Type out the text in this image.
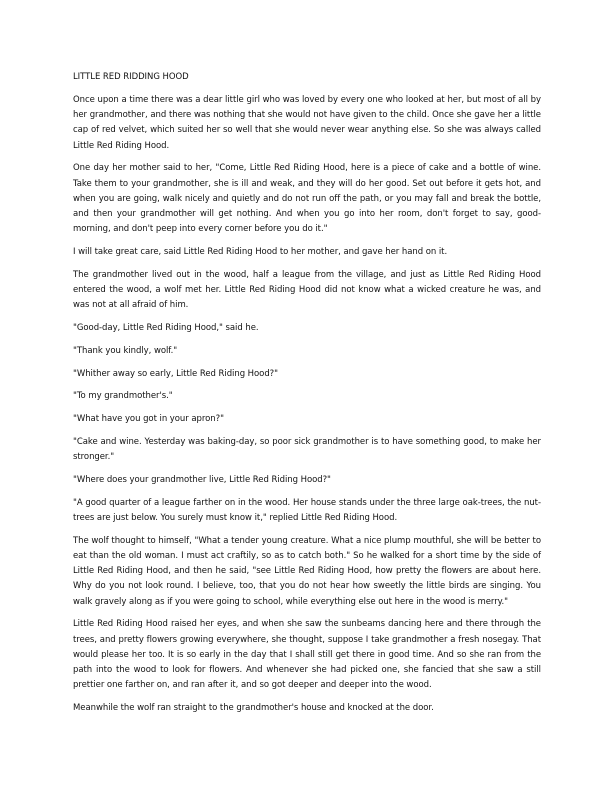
LITTLE RED RIDDING HOOD

Once upon a time there was a dear little girl who was loved by every one who looked at her, but most of all by her grandmother, and there was nothing that she would not have given to the child. Once she gave her a little cap of red velvet, which suited her so well that she would never wear anything else. So she was always called Little Red Riding Hood.

One day her mother said to her, "Come, Little Red Riding Hood, here is a piece of cake and a bottle of wine. Take them to your grandmother, she is ill and weak, and they will do her good. Set out before it gets hot, and when you are going, walk nicely and quietly and do not run off the path, or you may fall and break the bottle, and then your grandmother will get nothing. And when you go into her room, don't forget to say, good-morning, and don't peep into every corner before you do it."

I will take great care, said Little Red Riding Hood to her mother, and gave her hand on it.

The grandmother lived out in the wood, half a league from the village, and just as Little Red Riding Hood entered the wood, a wolf met her. Little Red Riding Hood did not know what a wicked creature he was, and was not at all afraid of him.

"Good-day, Little Red Riding Hood," said he.

"Thank you kindly, wolf."

"Whither away so early, Little Red Riding Hood?"

"To my grandmother's."

"What have you got in your apron?"

"Cake and wine. Yesterday was baking-day, so poor sick grandmother is to have something good, to make her stronger."

"Where does your grandmother live, Little Red Riding Hood?"

"A good quarter of a league farther on in the wood. Her house stands under the three large oak-trees, the nut-trees are just below. You surely must know it," replied Little Red Riding Hood.

The wolf thought to himself, "What a tender young creature. What a nice plump mouthful, she will be better to eat than the old woman. I must act craftily, so as to catch both." So he walked for a short time by the side of Little Red Riding Hood, and then he said, "see Little Red Riding Hood, how pretty the flowers are about here. Why do you not look round. I believe, too, that you do not hear how sweetly the little birds are singing. You walk gravely along as if you were going to school, while everything else out here in the wood is merry."

Little Red Riding Hood raised her eyes, and when she saw the sunbeams dancing here and there through the trees, and pretty flowers growing everywhere, she thought, suppose I take grandmother a fresh nosegay. That would please her too. It is so early in the day that I shall still get there in good time. And so she ran from the path into the wood to look for flowers. And whenever she had picked one, she fancied that she saw a still prettier one farther on, and ran after it, and so got deeper and deeper into the wood.

Meanwhile the wolf ran straight to the grandmother's house and knocked at the door.
